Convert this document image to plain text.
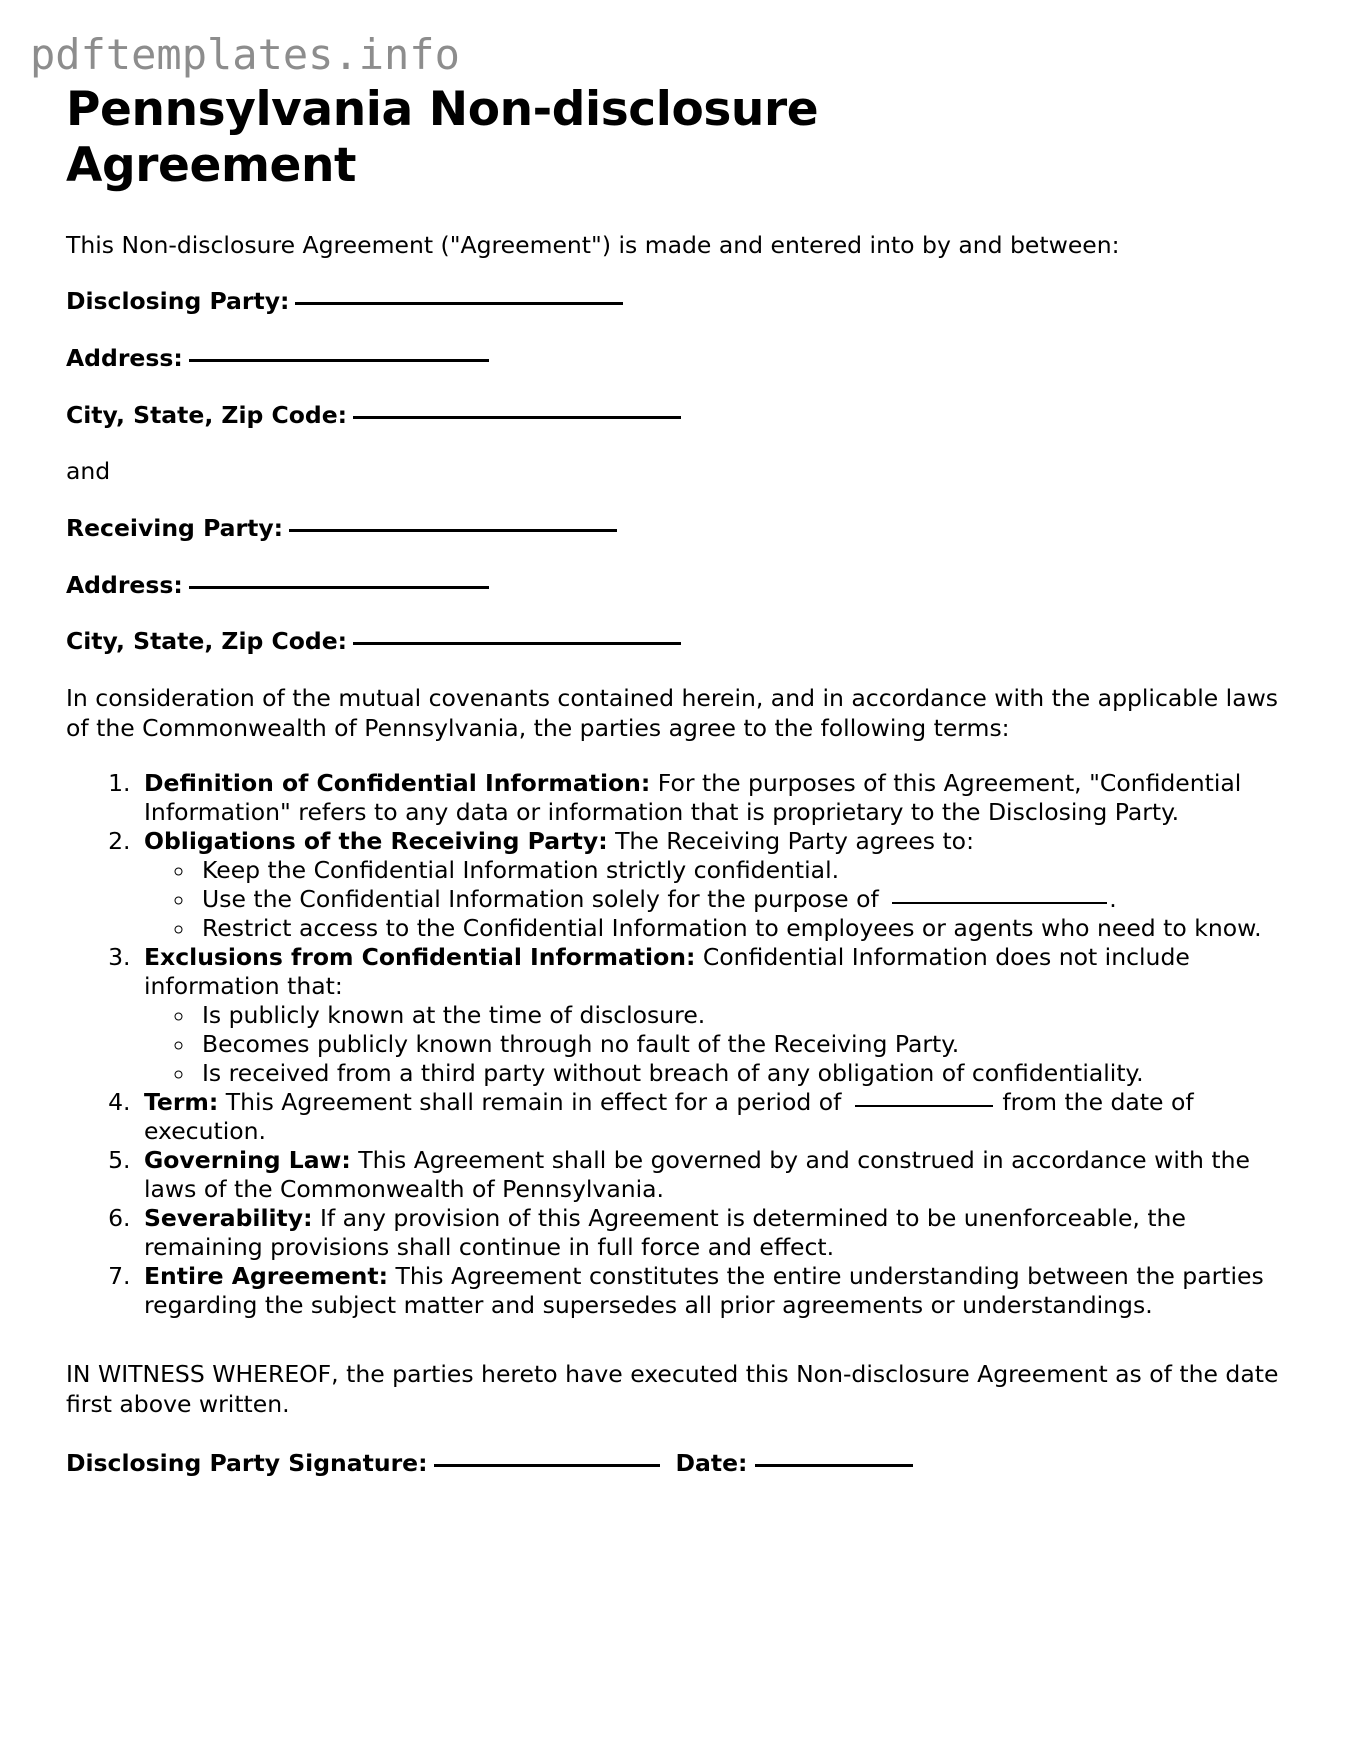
pdftemplates.info
Pennsylvania Non-disclosure Agreement

This Non-disclosure Agreement ("Agreement") is made and entered into by and between:

Disclosing Party:
Address:
City, State, Zip Code:

and

Receiving Party:
Address:
City, State, Zip Code:

In consideration of the mutual covenants contained herein, and in accordance with the applicable laws of the Commonwealth of Pennsylvania, the parties agree to the following terms:

1. Definition of Confidential Information: For the purposes of this Agreement, "Confidential Information" refers to any data or information that is proprietary to the Disclosing Party.
2. Obligations of the Receiving Party: The Receiving Party agrees to:
◦ Keep the Confidential Information strictly confidential.
◦ Use the Confidential Information solely for the purpose of	.
◦ Restrict access to the Confidential Information to employees or agents who need to know.
3. Exclusions from Confidential Information: Confidential Information does not include information that:
◦ Is publicly known at the time of disclosure.
◦ Becomes publicly known through no fault of the Receiving Party.
◦ Is received from a third party without breach of any obligation of confidentiality.
4. Term: This Agreement shall remain in effect for a period of	from the date of execution.
5. Governing Law: This Agreement shall be governed by and construed in accordance with the laws of the Commonwealth of Pennsylvania.
6. Severability: If any provision of this Agreement is determined to be unenforceable, the remaining provisions shall continue in full force and effect.
7. Entire Agreement: This Agreement constitutes the entire understanding between the parties regarding the subject matter and supersedes all prior agreements or understandings.

IN WITNESS WHEREOF, the parties hereto have executed this Non-disclosure Agreement as of the date first above written.

Disclosing Party Signature:	Date:
